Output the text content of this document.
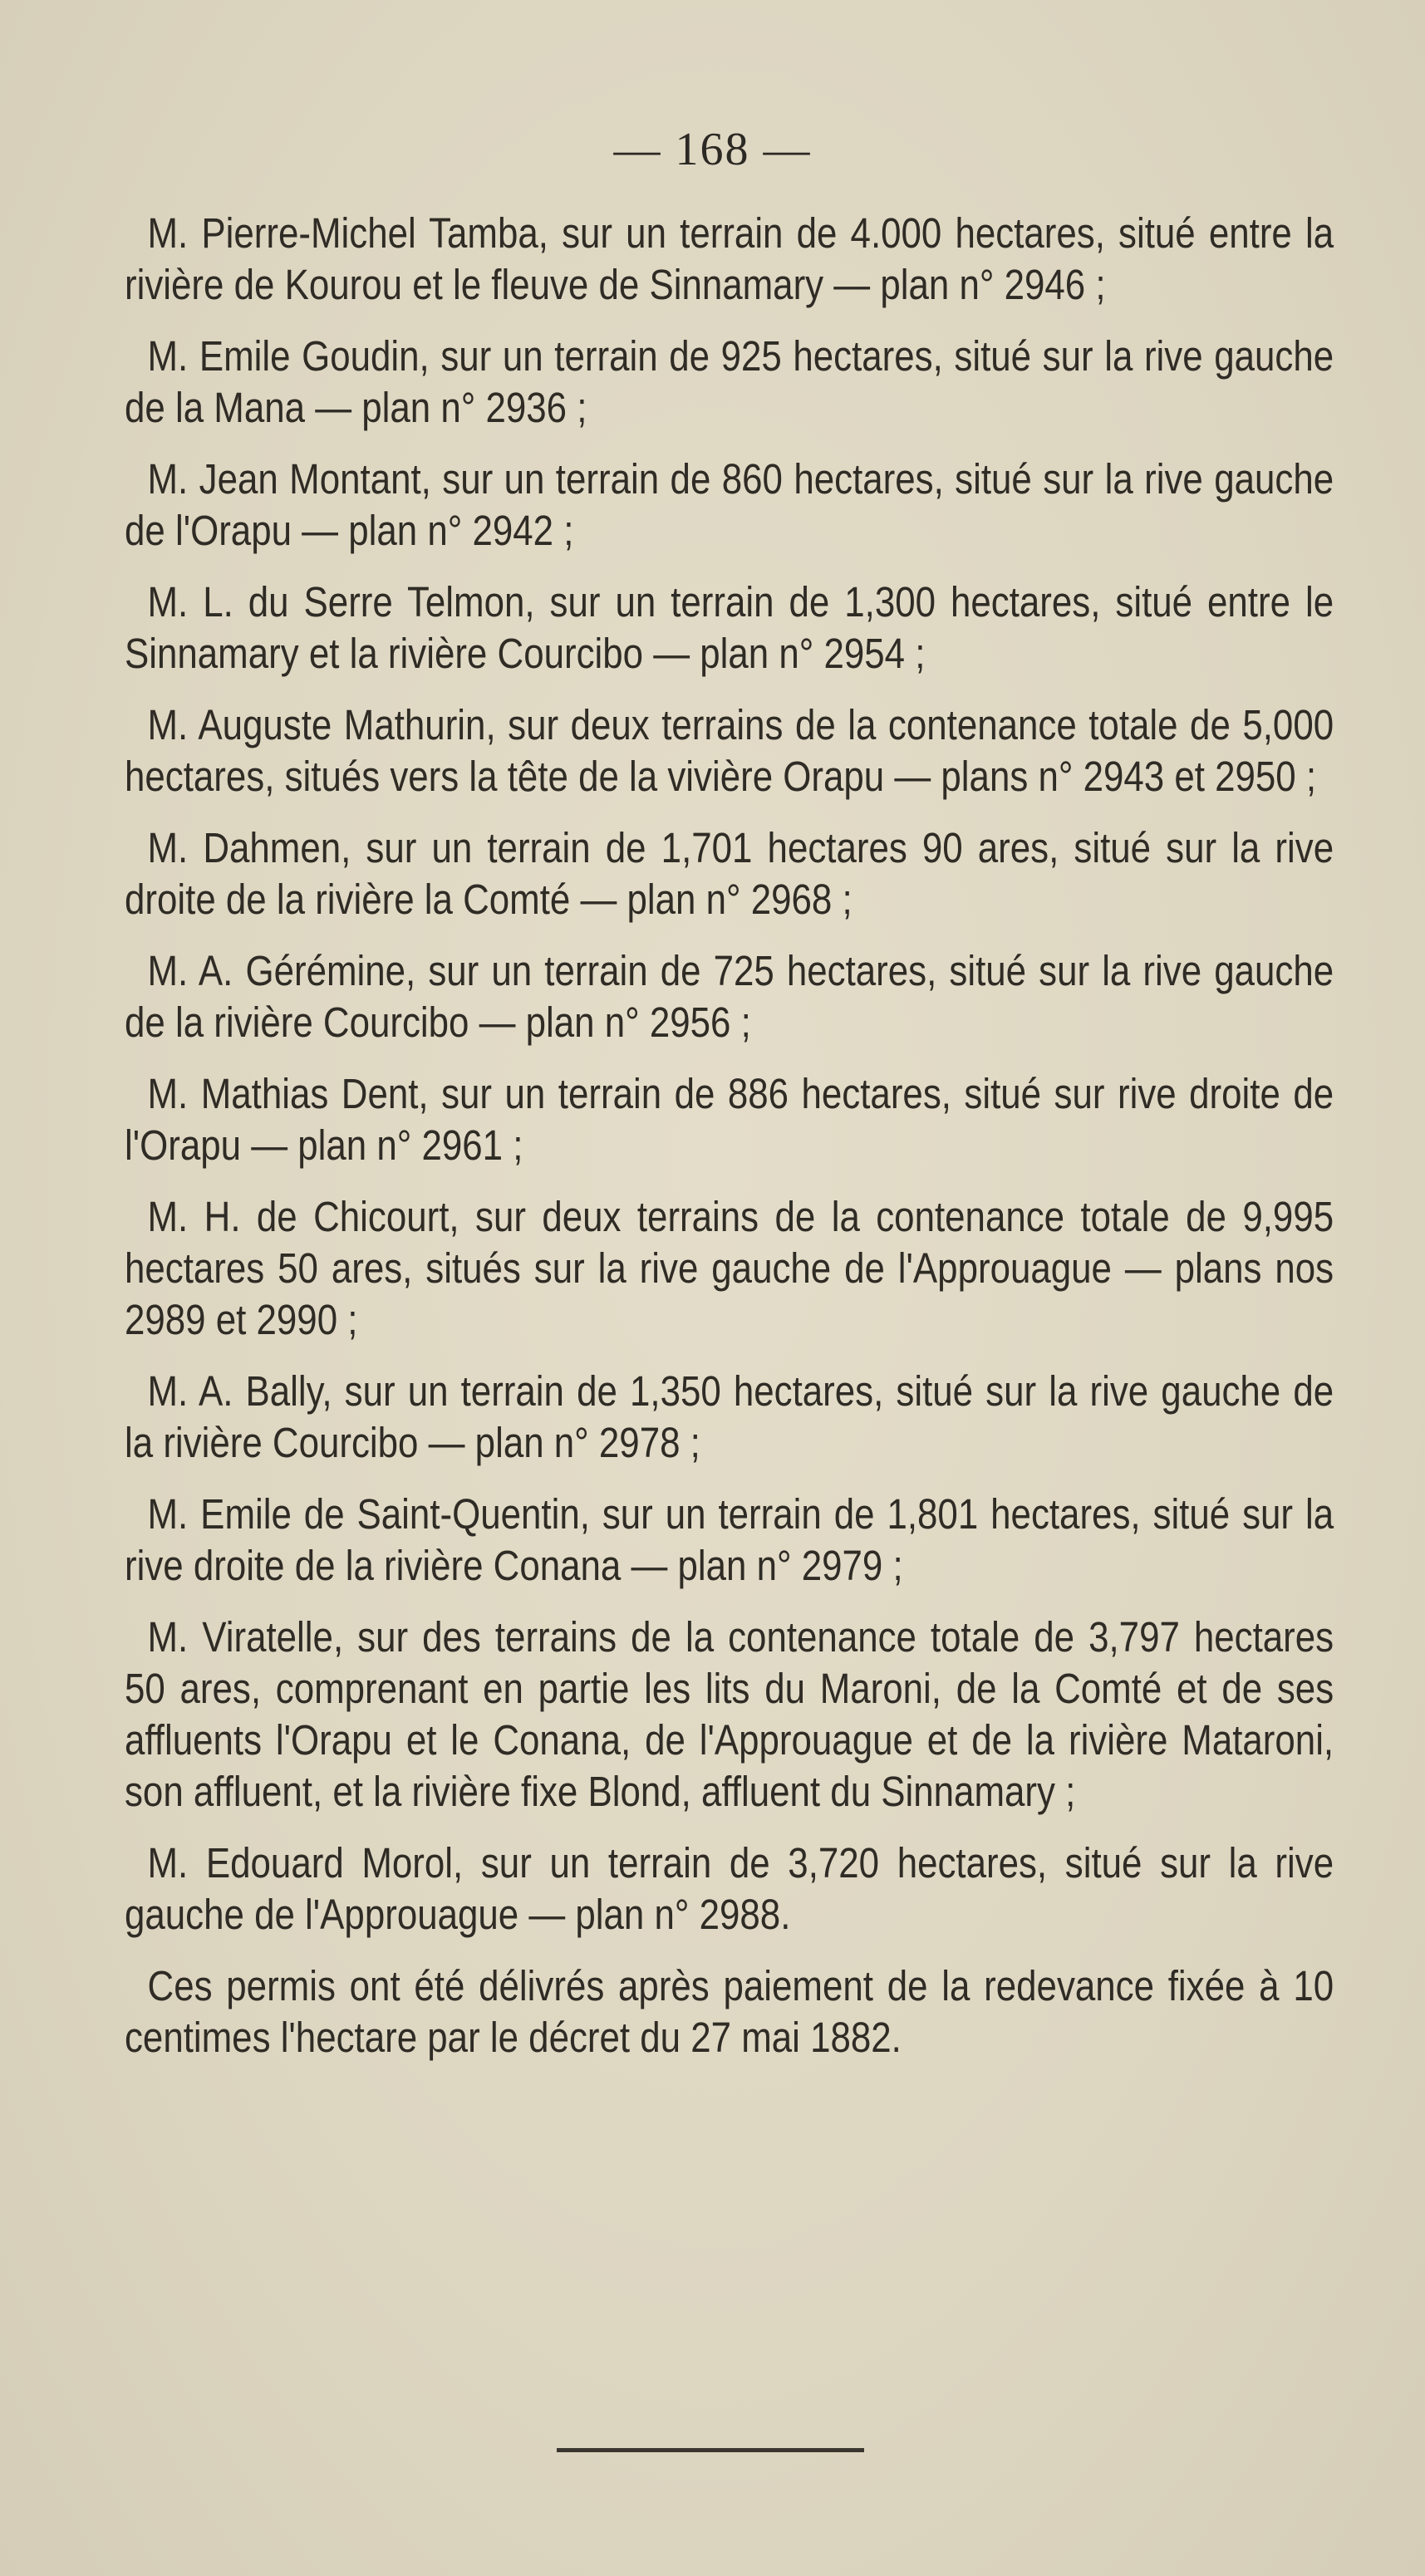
— 168 —

M. Pierre-Michel Tamba, sur un terrain de 4.000 hectares, situé entre la rivière de Kourou et le fleuve de Sinnamary — plan n° 2946 ;

M. Emile Goudin, sur un terrain de 925 hectares, situé sur la rive gauche de la Mana — plan n° 2936 ;

M. Jean Montant, sur un terrain de 860 hectares, situé sur la rive gauche de l'Orapu — plan n° 2942 ;

M. L. du Serre Telmon, sur un terrain de 1,300 hectares, situé entre le Sinnamary et la rivière Courcibo — plan n° 2954 ;

M. Auguste Mathurin, sur deux terrains de la contenance totale de 5,000 hectares, situés vers la tête de la vivière Orapu — plans n° 2943 et 2950 ;

M. Dahmen, sur un terrain de 1,701 hectares 90 ares, situé sur la rive droite de la rivière la Comté — plan n° 2968 ;

M. A. Gérémine, sur un terrain de 725 hectares, situé sur la rive gauche de la rivière Courcibo — plan n° 2956 ;

M. Mathias Dent, sur un terrain de 886 hectares, situé sur rive droite de l'Orapu — plan n° 2961 ;

M. H. de Chicourt, sur deux terrains de la contenance totale de 9,995 hectares 50 ares, situés sur la rive gauche de l'Approuague — plans nos 2989 et 2990 ;

M. A. Bally, sur un terrain de 1,350 hectares, situé sur la rive gauche de la rivière Courcibo — plan n° 2978 ;

M. Emile de Saint-Quentin, sur un terrain de 1,801 hectares, situé sur la rive droite de la rivière Conana — plan n° 2979 ;

M. Viratelle, sur des terrains de la contenance totale de 3,797 hectares 50 ares, comprenant en partie les lits du Maroni, de la Comté et de ses affluents l'Orapu et le Conana, de l'Approuague et de la rivière Mataroni, son affluent, et la rivière fixe Blond, affluent du Sinnamary ;

M. Edouard Morol, sur un terrain de 3,720 hectares, situé sur la rive gauche de l'Approuague — plan n° 2988.

Ces permis ont été délivrés après paiement de la redevance fixée à 10 centimes l'hectare par le décret du 27 mai 1882.
